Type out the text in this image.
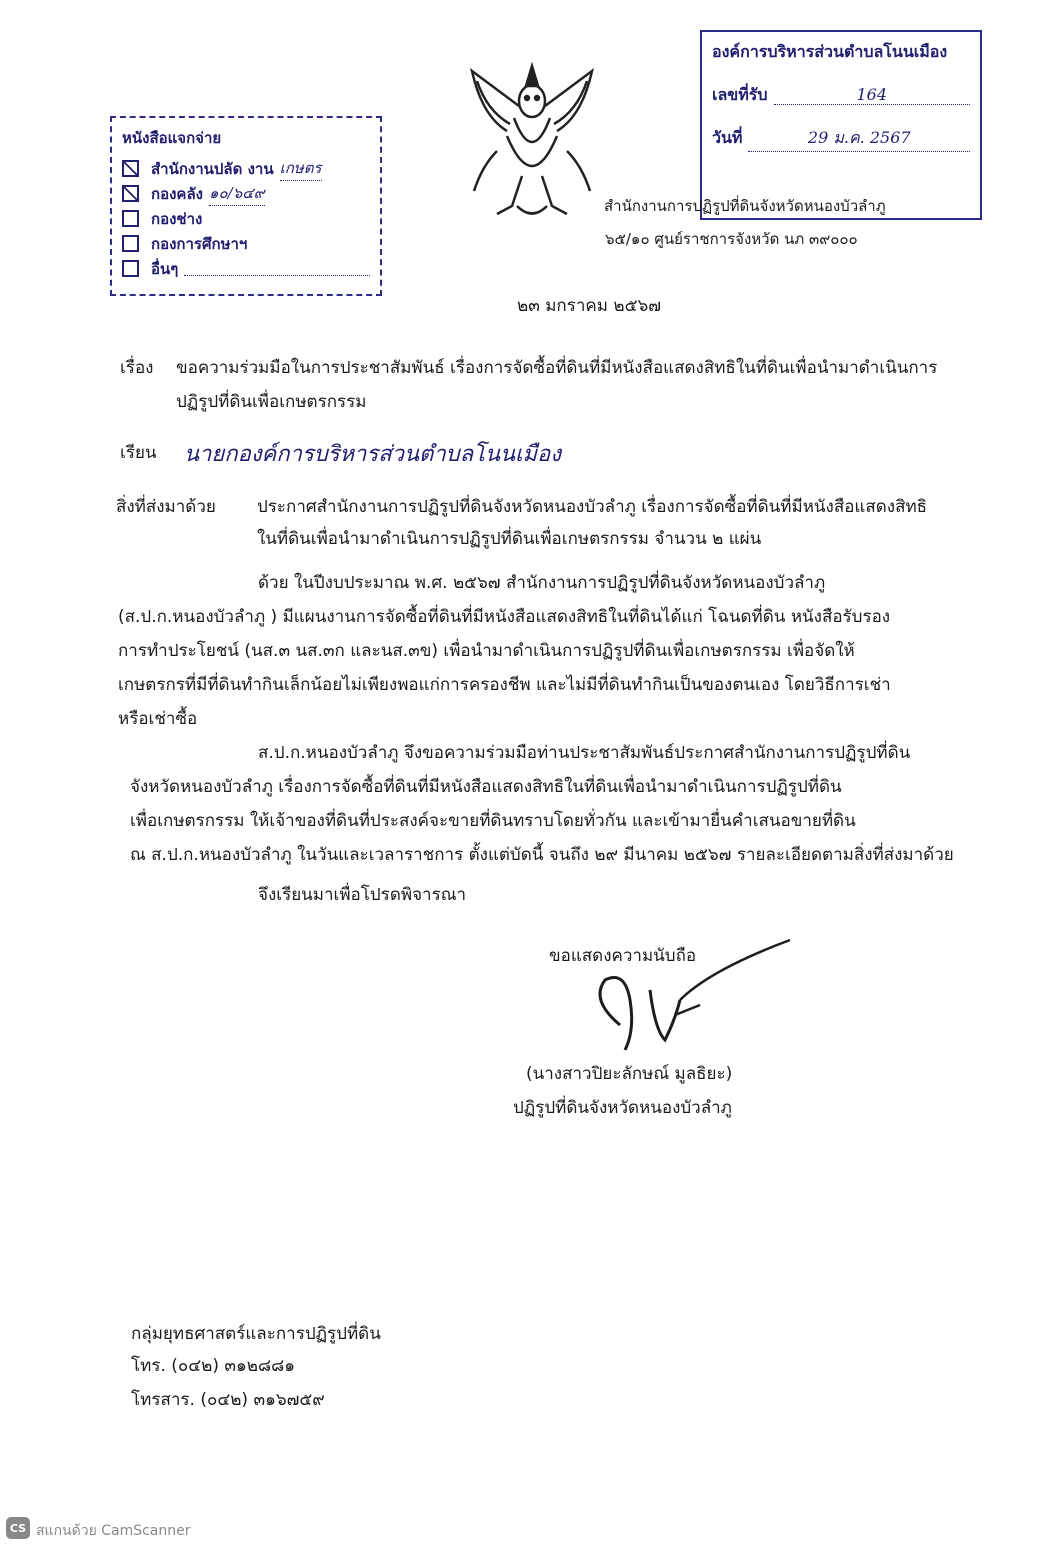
หนังสือแจกจ่าย
สำนักงานปลัด งาน เกษตร
กองคลัง ๑๐/๖๔๙
กองช่าง
กองการศึกษาฯ
อื่นๆ
องค์การบริหารส่วนตำบลโนนเมือง
เลขที่รับ	164
วันที่	29 ม.ค. 2567
สำนักงานการปฏิรูปที่ดินจังหวัดหนองบัวลำภู
๖๕/๑๐ ศูนย์ราชการจังหวัด นภ ๓๙๐๐๐
๒๓ มกราคม ๒๕๖๗
เรื่อง ขอความร่วมมือในการประชาสัมพันธ์ เรื่องการจัดซื้อที่ดินที่มีหนังสือแสดงสิทธิในที่ดินเพื่อนำมาดำเนินการ
ปฏิรูปที่ดินเพื่อเกษตรกรรม
เรียน นายกองค์การบริหารส่วนตำบลโนนเมือง
สิ่งที่ส่งมาด้วย ประกาศสำนักงานการปฏิรูปที่ดินจังหวัดหนองบัวลำภู เรื่องการจัดซื้อที่ดินที่มีหนังสือแสดงสิทธิ
ในที่ดินเพื่อนำมาดำเนินการปฏิรูปที่ดินเพื่อเกษตรกรรม จำนวน ๒ แผ่น
ด้วย ในปีงบประมาณ พ.ศ. ๒๕๖๗ สำนักงานการปฏิรูปที่ดินจังหวัดหนองบัวลำภู
(ส.ป.ก.หนองบัวลำภู ) มีแผนงานการจัดซื้อที่ดินที่มีหนังสือแสดงสิทธิในที่ดินได้แก่ โฉนดที่ดิน หนังสือรับรอง
การทำประโยชน์ (นส.๓ นส.๓ก และนส.๓ข) เพื่อนำมาดำเนินการปฏิรูปที่ดินเพื่อเกษตรกรรม เพื่อจัดให้
เกษตรกรที่มีที่ดินทำกินเล็กน้อยไม่เพียงพอแก่การครองชีพ และไม่มีที่ดินทำกินเป็นของตนเอง โดยวิธีการเช่า
หรือเช่าซื้อ
ส.ป.ก.หนองบัวลำภู จึงขอความร่วมมือท่านประชาสัมพันธ์ประกาศสำนักงานการปฏิรูปที่ดิน
จังหวัดหนองบัวลำภู เรื่องการจัดซื้อที่ดินที่มีหนังสือแสดงสิทธิในที่ดินเพื่อนำมาดำเนินการปฏิรูปที่ดิน
เพื่อเกษตรกรรม ให้เจ้าของที่ดินที่ประสงค์จะขายที่ดินทราบโดยทั่วกัน และเข้ามายื่นคำเสนอขายที่ดิน
ณ ส.ป.ก.หนองบัวลำภู ในวันและเวลาราชการ ตั้งแต่บัดนี้ จนถึง ๒๙ มีนาคม ๒๕๖๗ รายละเอียดตามสิ่งที่ส่งมาด้วย
จึงเรียนมาเพื่อโปรดพิจารณา
ขอแสดงความนับถือ
(นางสาวปิยะลักษณ์ มูลธิยะ)
ปฏิรูปที่ดินจังหวัดหนองบัวลำภู
กลุ่มยุทธศาสตร์และการปฏิรูปที่ดิน
โทร. (๐๔๒) ๓๑๒๘๘๑
โทรสาร. (๐๔๒) ๓๑๖๗๕๙
CS สแกนด้วย CamScanner
